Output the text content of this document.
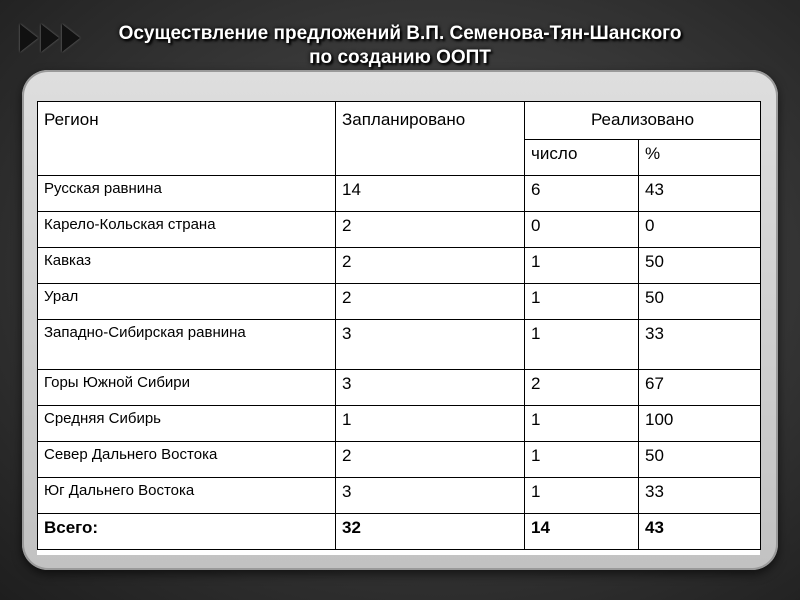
Осуществление предложений В.П. Семенова-Тян-Шанского
по созданию ООПТ
Регион	Запланировано	Реализовано	
		число	%
Русская равнина	14	6	43
Карело-Кольская страна	2	0	0
Кавказ	2	1	50
Урал	2	1	50
Западно-Сибирская равнина	3	1	33
Горы Южной Сибири	3	2	67
Средняя Сибирь	1	1	100
Север Дальнего Востока	2	1	50
Юг Дальнего Востока	3	1	33
Всего:	32	14	43
